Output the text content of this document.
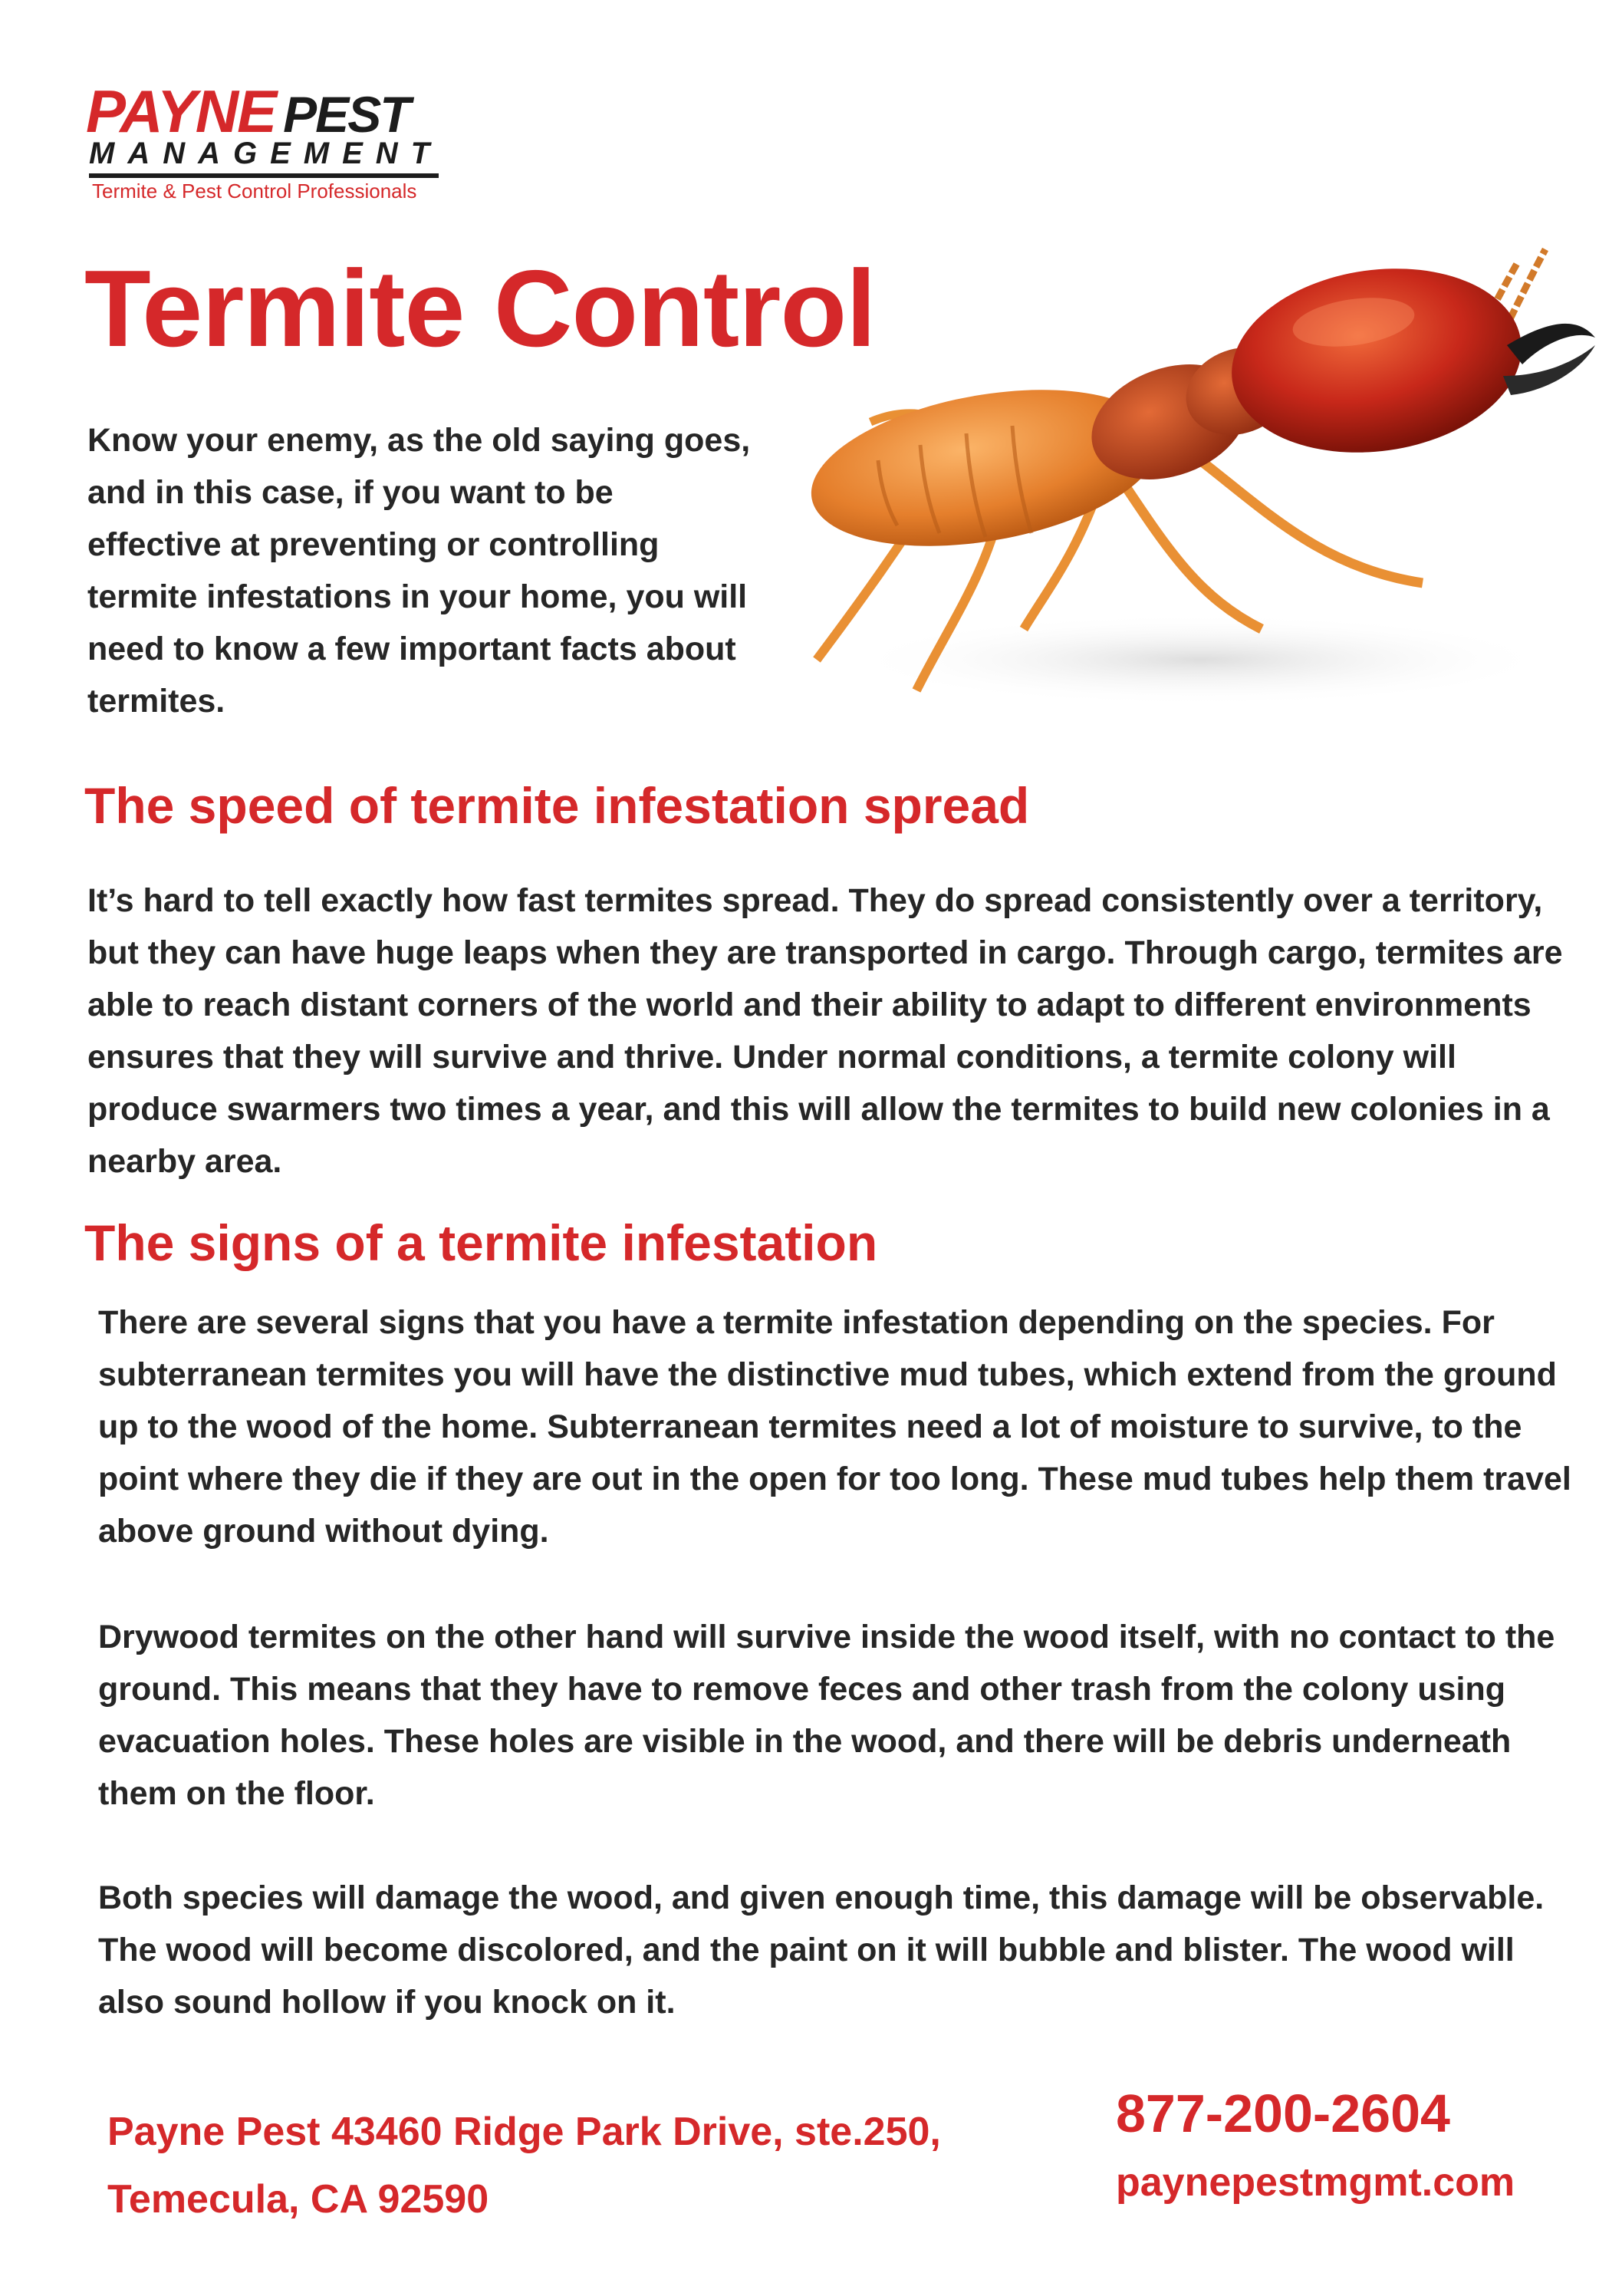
PAYNE PEST
MANAGEMENT
Termite & Pest Control Professionals
Termite Control
Know your enemy, as the old saying goes, and in this case, if you want to be effective at preventing or controlling termite infestations in your home, you will need to know a few important facts about termites.
The speed of termite infestation spread
It’s hard to tell exactly how fast termites spread. They do spread consistently over a territory, but they can have huge leaps when they are transported in cargo. Through cargo, termites are able to reach distant corners of the world and their ability to adapt to different environments ensures that they will survive and thrive. Under normal conditions, a termite colony will produce swarmers two times a year, and this will allow the termites to build new colonies in a nearby area.
The signs of a termite infestation
There are several signs that you have a termite infestation depending on the species. For subterranean termites you will have the distinctive mud tubes, which extend from the ground up to the wood of the home. Subterranean termites need a lot of moisture to survive, to the point where they die if they are out in the open for too long. These mud tubes help them travel above ground without dying.
Drywood termites on the other hand will survive inside the wood itself, with no contact to the ground. This means that they have to remove feces and other trash from the colony using evacuation holes. These holes are visible in the wood, and there will be debris underneath them on the floor.
Both species will damage the wood, and given enough time, this damage will be observable. The wood will become discolored, and the paint on it will bubble and blister. The wood will also sound hollow if you knock on it.
Payne Pest 43460 Ridge Park Drive, ste.250, Temecula, CA 92590
877-200-2604
paynepestmgmt.com
